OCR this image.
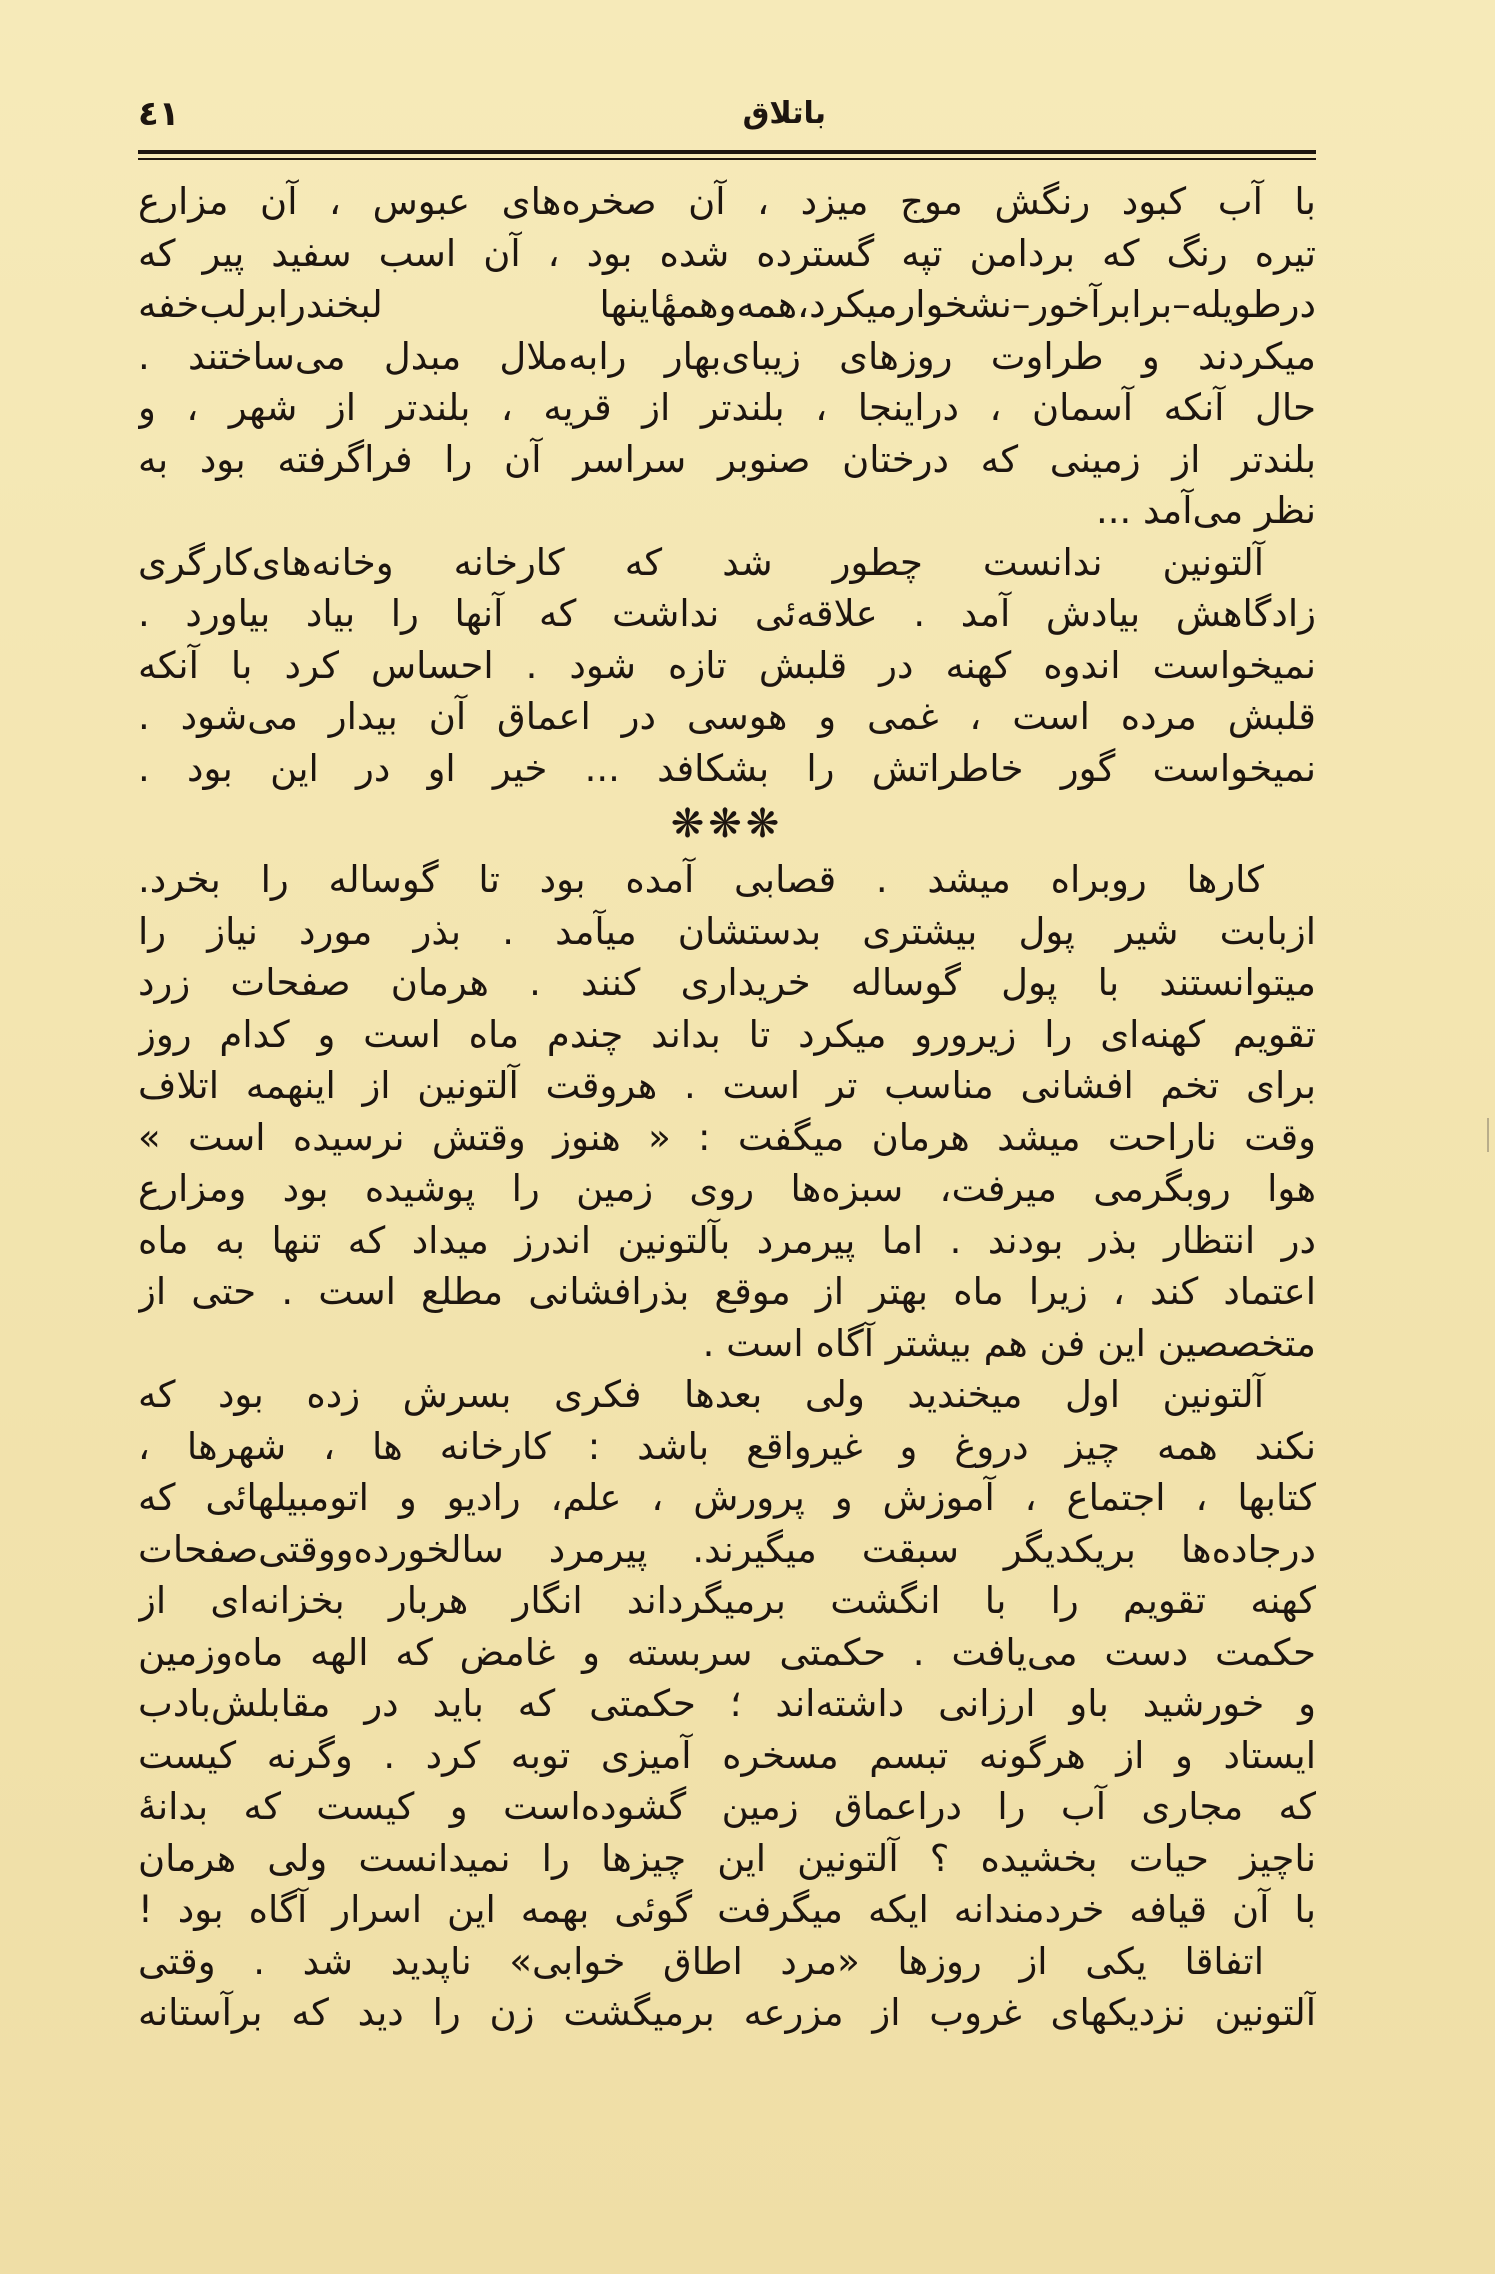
باتلاق
٤١
با آب کبود رنگش موج میزد ، آن صخره‌های عبوس ، آن مزارع
تیره رنگ که بردامن تپه گسترده شده بود ، آن اسب سفید پیر که
درطویله–برابرآخور–نشخوارمیکرد،همه‌وهمهٔاینها لبخندرابرلب‌خفه
میکردند و طراوت روزهای زیبای‌بهار رابه‌ملال مبدل می‌ساختند .
حال آنکه آسمان ، دراینجا ، بلندتر از قریه ، بلندتر از شهر ، و
بلندتر از زمینی که درختان صنوبر سراسر آن را فراگرفته بود به
نظر می‌آمد ...
آلتونین ندانست چطور شد که کارخانه وخانه‌های‌کارگری
زادگاهش بیادش آمد . علاقه‌ئی نداشت که آنها را بیاد بیاورد .
نمیخواست اندوه کهنه در قلبش تازه شود . احساس کرد با آنکه
قلبش مرده است ، غمی و هوسی در اعماق آن بیدار می‌شود .
نمیخواست گور خاطراتش را بشکافد ... خیر او در این بود .
❋❋❋
کارها روبراه میشد . قصابی آمده بود تا گوساله را بخرد.
ازبابت شیر پول بیشتری بدستشان میآمد . بذر مورد نیاز را
میتوانستند با پول گوساله خریداری کنند . هرمان صفحات زرد
تقویم کهنه‌ای را زیرورو میکرد تا بداند چندم ماه است و کدام روز
برای تخم افشانی مناسب تر است . هروقت آلتونین از اینهمه اتلاف
وقت ناراحت میشد هرمان میگفت : « هنوز وقتش نرسیده است »
هوا روبگرمی میرفت، سبزه‌ها روی زمین را پوشیده بود ومزارع
در انتظار بذر بودند . اما پیرمرد بآلتونین اندرز میداد که تنها به ماه
اعتماد کند ، زیرا ماه بهتر از موقع بذرافشانی مطلع است . حتی از
متخصصین این فن هم بیشتر آگاه است .
آلتونین اول میخندید ولی بعدها فکری بسرش زده بود که
نکند همه چیز دروغ و غیرواقع باشد : کارخانه ها ، شهرها ،
کتابها ، اجتماع ، آموزش و پرورش ، علم، رادیو و اتومبیلهائی که
درجاده‌ها بریکدیگر سبقت میگیرند. پیرمرد سالخورده‌ووقتی‌صفحات
کهنه تقویم را با انگشت برمیگرداند انگار هربار بخزانه‌ای از
حکمت دست می‌یافت . حکمتی سربسته و غامض که الهه ماه‌وزمین
و خورشید باو ارزانی داشته‌اند ؛ حکمتی که باید در مقابلش‌بادب
ایستاد و از هرگونه تبسم مسخره آمیزی توبه کرد . وگرنه کیست
که مجاری آب را دراعماق زمین گشوده‌است و کیست که بدانهٔ
ناچیز حیات بخشیده ؟ آلتونین این چیزها را نمیدانست ولی هرمان
با آن قیافه خردمندانه ایکه میگرفت گوئی بهمه این اسرار آگاه بود !
اتفاقا یکی از روزها «مرد اطاق خوابی» ناپدید شد . وقتی
آلتونین نزدیکهای غروب از مزرعه برمیگشت زن را دید که برآستانه
